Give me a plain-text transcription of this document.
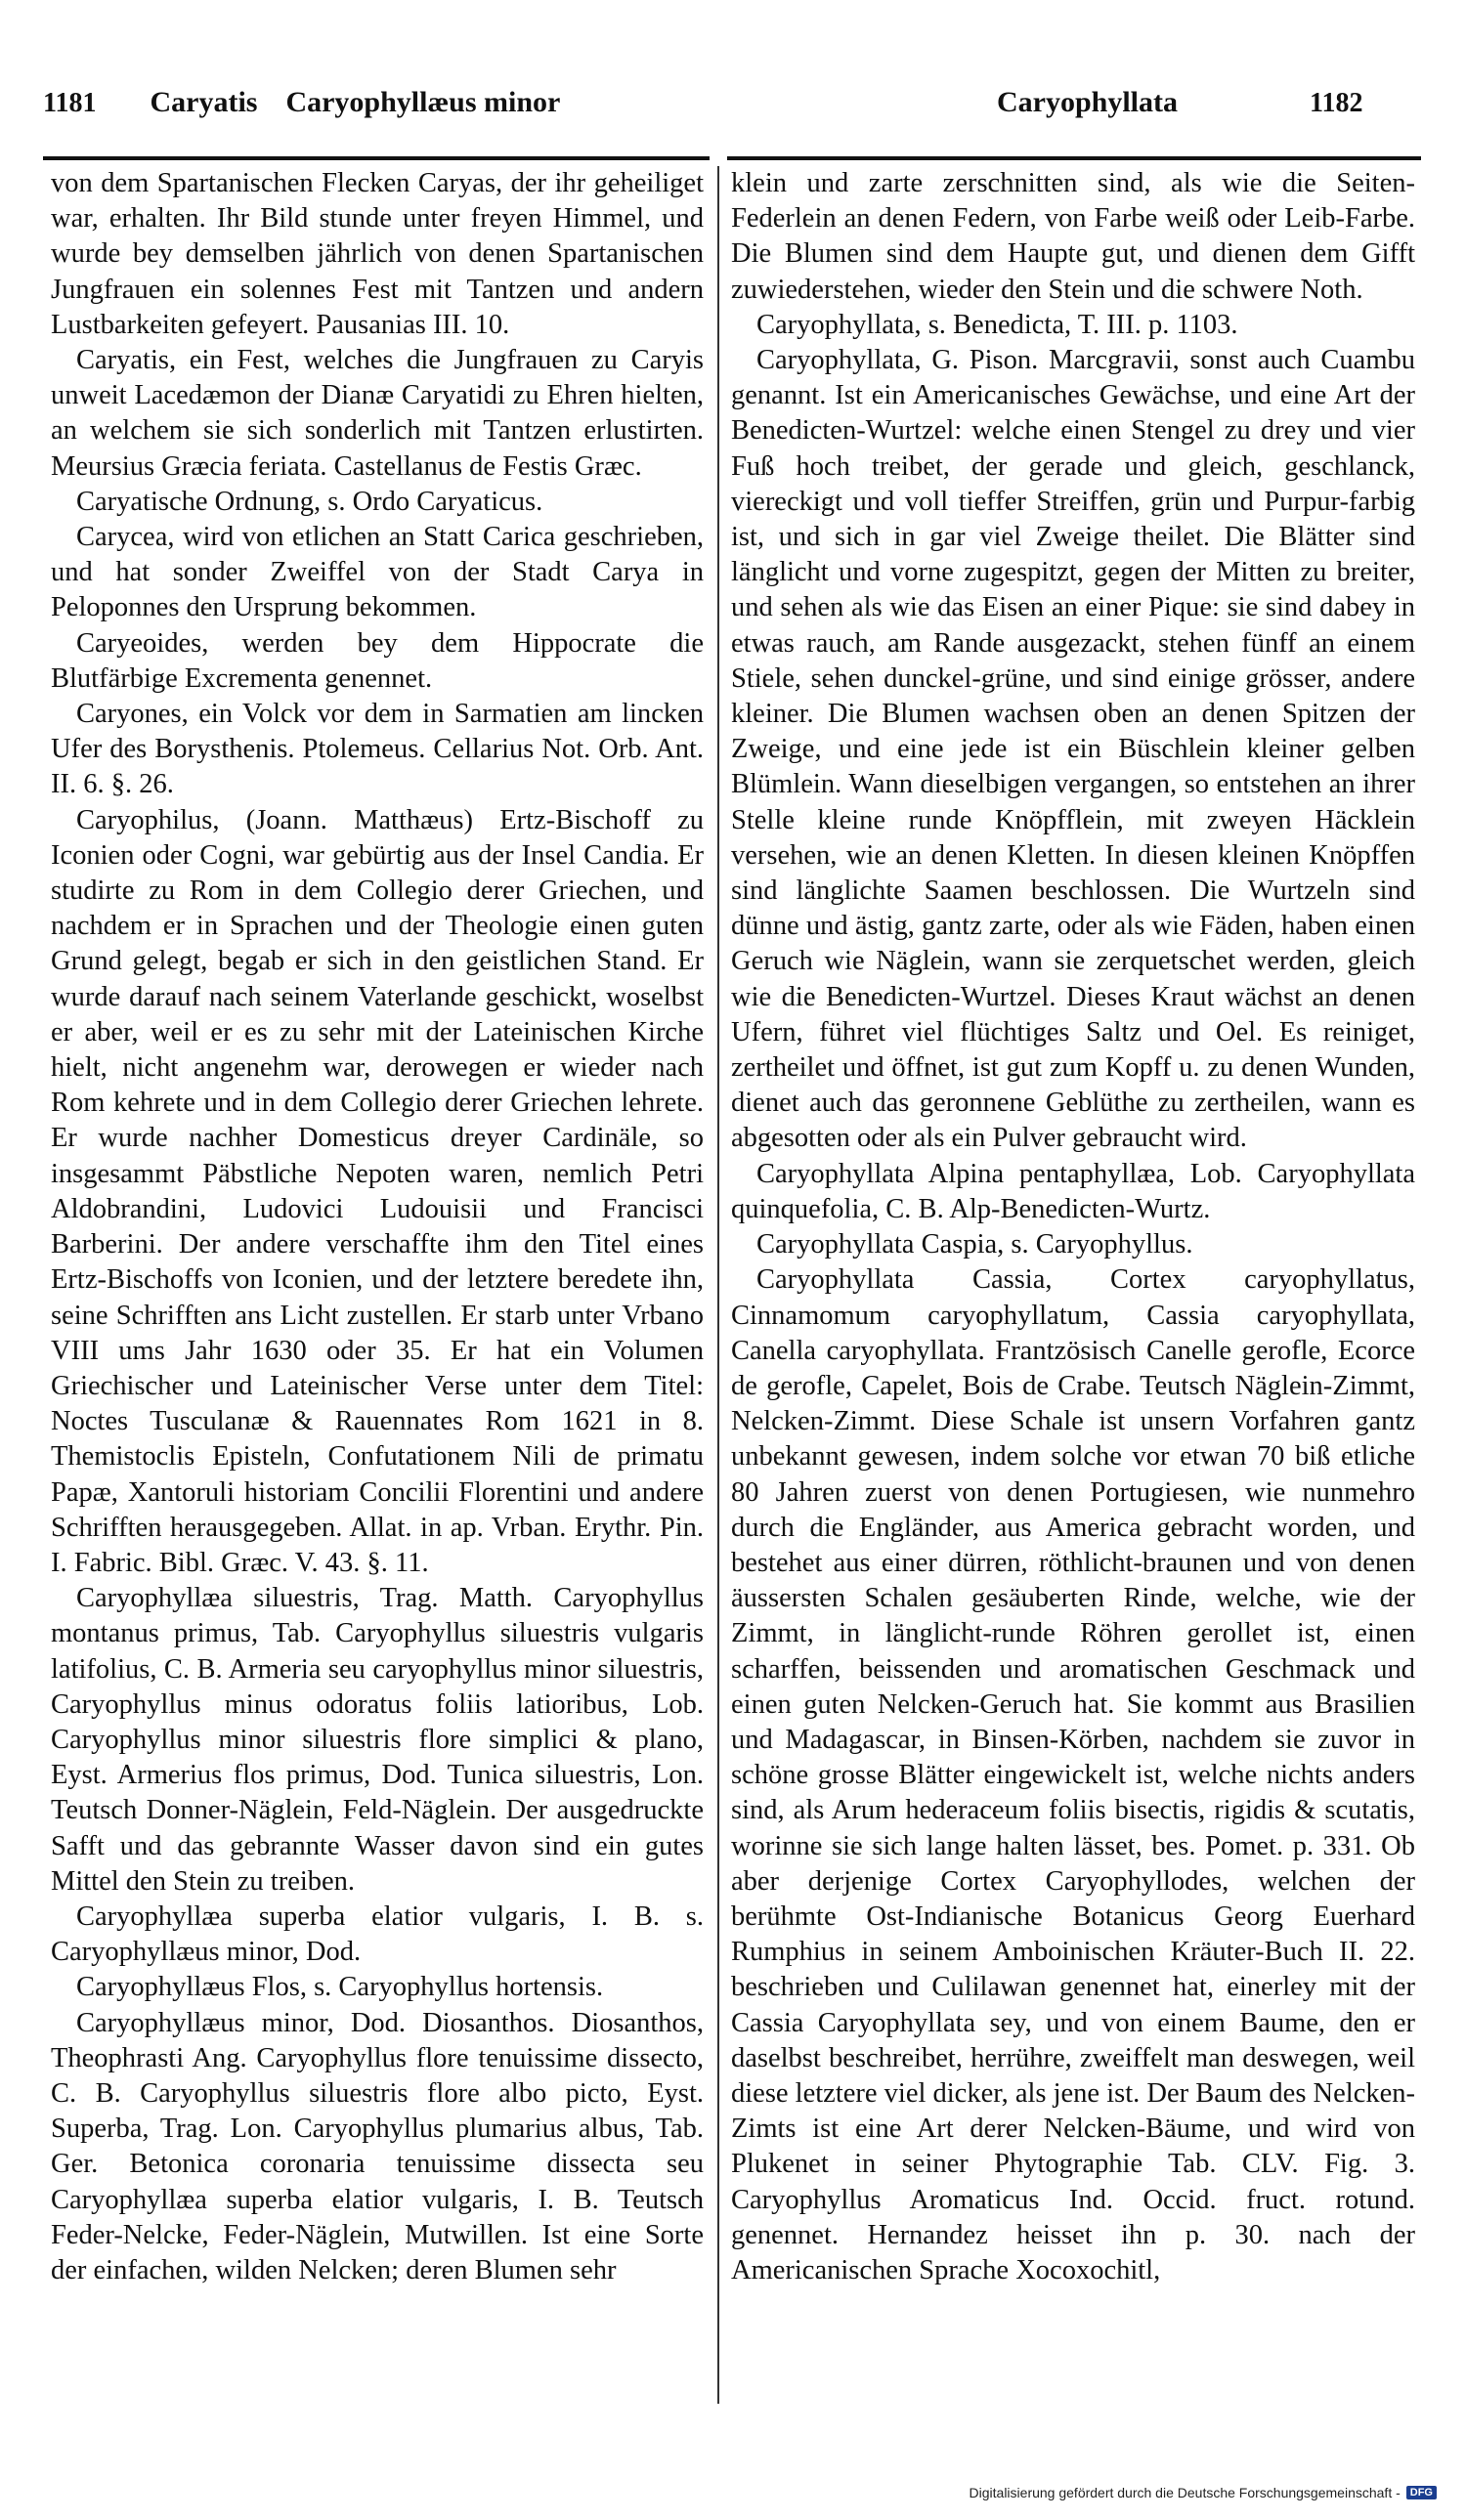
1181 Caryatis Caryophyllæus minor	Caryophyllata	1182

von dem Spartanischen Flecken Caryas, der ihr geheiliget war, erhalten. Ihr Bild stunde unter freyen Himmel, und wurde bey demselben jährlich von denen Spartanischen Jungfrauen ein solennes Fest mit Tantzen und andern Lustbarkeiten gefeyert. Pausanias III. 10.

Caryatis, ein Fest, welches die Jungfrauen zu Caryis unweit Lacedæmon der Dianæ Caryatidi zu Ehren hielten, an welchem sie sich sonderlich mit Tantzen erlustirten. Meursius Græcia feriata. Castellanus de Festis Græc.

Caryatische Ordnung, s. Ordo Caryaticus.

Carycea, wird von etlichen an Statt Carica geschrieben, und hat sonder Zweiffel von der Stadt Carya in Peloponnes den Ursprung bekommen.

Caryeoides, werden bey dem Hippocrate die Blutfärbige Excrementa genennet.

Caryones, ein Volck vor dem in Sarmatien am lincken Ufer des Borysthenis. Ptolemeus. Cellarius Not. Orb. Ant. II. 6. §. 26.

Caryophilus, (Joann. Matthæus) Ertz-Bischoff zu Iconien oder Cogni, war gebürtig aus der Insel Candia. Er studirte zu Rom in dem Collegio derer Griechen, und nachdem er in Sprachen und der Theologie einen guten Grund gelegt, begab er sich in den geistlichen Stand. Er wurde darauf nach seinem Vaterlande geschickt, woselbst er aber, weil er es zu sehr mit der Lateinischen Kirche hielt, nicht angenehm war, derowegen er wieder nach Rom kehrete und in dem Collegio derer Griechen lehrete. Er wurde nachher Domesticus dreyer Cardinäle, so insgesammt Päbstliche Nepoten waren, nemlich Petri Aldobrandini, Ludovici Ludouisii und Francisci Barberini. Der andere verschaffte ihm den Titel eines Ertz-Bischoffs von Iconien, und der letztere beredete ihn, seine Schrifften ans Licht zustellen. Er starb unter Vrbano VIII ums Jahr 1630 oder 35. Er hat ein Volumen Griechischer und Lateinischer Verse unter dem Titel: Noctes Tusculanæ & Rauennates Rom 1621 in 8. Themistoclis Episteln, Confutationem Nili de primatu Papæ, Xantoruli historiam Concilii Florentini und andere Schrifften herausgegeben. Allat. in ap. Vrban. Erythr. Pin. I. Fabric. Bibl. Græc. V. 43. §. 11.

Caryophyllæa siluestris, Trag. Matth. Caryophyllus montanus primus, Tab. Caryophyllus siluestris vulgaris latifolius, C. B. Armeria seu caryophyllus minor siluestris, Caryophyllus minus odoratus foliis latioribus, Lob. Caryophyllus minor siluestris flore simplici & plano, Eyst. Armerius flos primus, Dod. Tunica siluestris, Lon. Teutsch Donner-Näglein, Feld-Näglein. Der ausgedruckte Safft und das gebrannte Wasser davon sind ein gutes Mittel den Stein zu treiben.

Caryophyllæa superba elatior vulgaris, I. B. s. Caryophyllæus minor, Dod.

Caryophyllæus Flos, s. Caryophyllus hortensis.

Caryophyllæus minor, Dod. Diosanthos. Diosanthos, Theophrasti Ang. Caryophyllus flore tenuissime dissecto, C. B. Caryophyllus siluestris flore albo picto, Eyst. Superba, Trag. Lon. Caryophyllus plumarius albus, Tab. Ger. Betonica coronaria tenuissime dissecta seu Caryophyllæa superba elatior vulgaris, I. B. Teutsch Feder-Nelcke, Feder-Näglein, Mutwillen. Ist eine Sorte der einfachen, wilden Nelcken; deren Blumen sehr

klein und zarte zerschnitten sind, als wie die Seiten-Federlein an denen Federn, von Farbe weiß oder Leib-Farbe. Die Blumen sind dem Haupte gut, und dienen dem Gifft zuwiederstehen, wieder den Stein und die schwere Noth.

Caryophyllata, s. Benedicta, T. III. p. 1103.

Caryophyllata, G. Pison. Marcgravii, sonst auch Cuambu genannt. Ist ein Americanisches Gewächse, und eine Art der Benedicten-Wurtzel: welche einen Stengel zu drey und vier Fuß hoch treibet, der gerade und gleich, geschlanck, viereckigt und voll tieffer Streiffen, grün und Purpur-farbig ist, und sich in gar viel Zweige theilet. Die Blätter sind länglicht und vorne zugespitzt, gegen der Mitten zu breiter, und sehen als wie das Eisen an einer Pique: sie sind dabey in etwas rauch, am Rande ausgezackt, stehen fünff an einem Stiele, sehen dunckel-grüne, und sind einige grösser, andere kleiner. Die Blumen wachsen oben an denen Spitzen der Zweige, und eine jede ist ein Büschlein kleiner gelben Blümlein. Wann dieselbigen vergangen, so entstehen an ihrer Stelle kleine runde Knöpfflein, mit zweyen Häcklein versehen, wie an denen Kletten. In diesen kleinen Knöpffen sind länglichte Saamen beschlossen. Die Wurtzeln sind dünne und ästig, gantz zarte, oder als wie Fäden, haben einen Geruch wie Näglein, wann sie zerquetschet werden, gleich wie die Benedicten-Wurtzel. Dieses Kraut wächst an denen Ufern, führet viel flüchtiges Saltz und Oel. Es reiniget, zertheilet und öffnet, ist gut zum Kopff u. zu denen Wunden, dienet auch das geronnene Geblüthe zu zertheilen, wann es abgesotten oder als ein Pulver gebraucht wird.

Caryophyllata Alpina pentaphyllæa, Lob. Caryophyllata quinquefolia, C. B. Alp-Benedicten-Wurtz.

Caryophyllata Caspia, s. Caryophyllus.

Caryophyllata Cassia, Cortex caryophyllatus, Cinnamomum caryophyllatum, Cassia caryophyllata, Canella caryophyllata. Frantzösisch Canelle gerofle, Ecorce de gerofle, Capelet, Bois de Crabe. Teutsch Näglein-Zimmt, Nelcken-Zimmt. Diese Schale ist unsern Vorfahren gantz unbekannt gewesen, indem solche vor etwan 70 biß etliche 80 Jahren zuerst von denen Portugiesen, wie nunmehro durch die Engländer, aus America gebracht worden, und bestehet aus einer dürren, röthlicht-braunen und von denen äussersten Schalen gesäuberten Rinde, welche, wie der Zimmt, in länglicht-runde Röhren gerollet ist, einen scharffen, beissenden und aromatischen Geschmack und einen guten Nelcken-Geruch hat. Sie kommt aus Brasilien und Madagascar, in Binsen-Körben, nachdem sie zuvor in schöne grosse Blätter eingewickelt ist, welche nichts anders sind, als Arum hederaceum foliis bisectis, rigidis & scutatis, worinne sie sich lange halten lässet, bes. Pomet. p. 331. Ob aber derjenige Cortex Caryophyllodes, welchen der berühmte Ost-Indianische Botanicus Georg Euerhard Rumphius in seinem Amboinischen Kräuter-Buch II. 22. beschrieben und Culilawan genennet hat, einerley mit der Cassia Caryophyllata sey, und von einem Baume, den er daselbst beschreibet, herrühre, zweiffelt man deswegen, weil diese letztere viel dicker, als jene ist. Der Baum des Nelcken-Zimts ist eine Art derer Nelcken-Bäume, und wird von Plukenet in seiner Phytographie Tab. CLV. Fig. 3. Caryophyllus Aromaticus Ind. Occid. fruct. rotund. genennet. Hernandez heisset ihn p. 30. nach der Americanischen Sprache Xocoxochitl,

Digitalisierung gefördert durch die Deutsche Forschungsgemeinschaft - DFG
